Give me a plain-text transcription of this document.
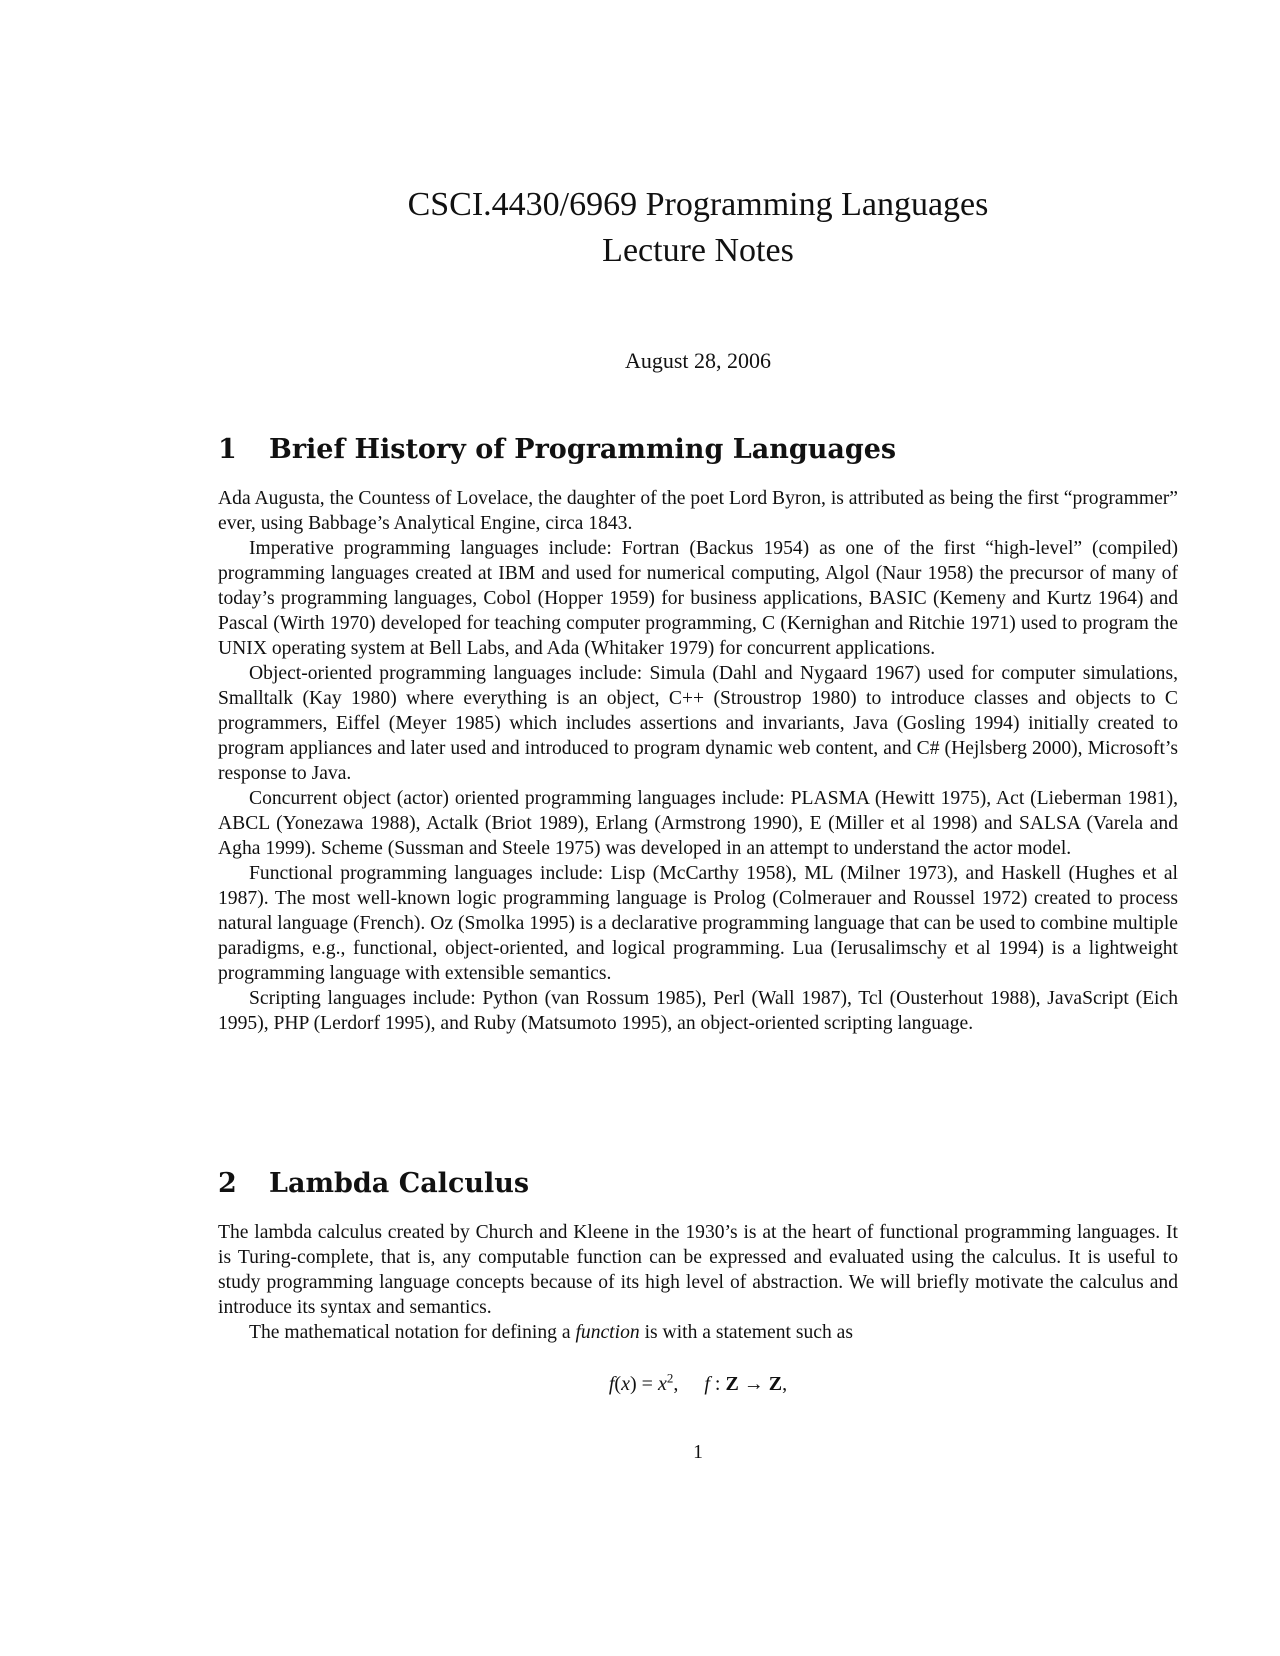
CSCI.4430/6969 Programming Languages
Lecture Notes
August 28, 2006
1	Brief History of Programming Languages

Ada Augusta, the Countess of Lovelace, the daughter of the poet Lord Byron, is attributed as being the first “programmer” ever, using Babbage’s Analytical Engine, circa 1843.

Imperative programming languages include: Fortran (Backus 1954) as one of the first “high-level” (compiled) programming languages created at IBM and used for numerical computing, Algol (Naur 1958) the precursor of many of today’s programming languages, Cobol (Hopper 1959) for business applications, BASIC (Kemeny and Kurtz 1964) and Pascal (Wirth 1970) developed for teaching computer programming, C (Kernighan and Ritchie 1971) used to program the UNIX operating system at Bell Labs, and Ada (Whitaker 1979) for concurrent applications.

Object-oriented programming languages include: Simula (Dahl and Nygaard 1967) used for computer simulations, Smalltalk (Kay 1980) where everything is an object, C++ (Stroustrop 1980) to introduce classes and objects to C programmers, Eiffel (Meyer 1985) which includes assertions and invariants, Java (Gosling 1994) initially created to program appliances and later used and introduced to program dynamic web content, and C# (Hejlsberg 2000), Microsoft’s response to Java.

Concurrent object (actor) oriented programming languages include: PLASMA (Hewitt 1975), Act (Lieberman 1981), ABCL (Yonezawa 1988), Actalk (Briot 1989), Erlang (Armstrong 1990), E (Miller et al 1998) and SALSA (Varela and Agha 1999). Scheme (Sussman and Steele 1975) was developed in an attempt to understand the actor model.

Functional programming languages include: Lisp (McCarthy 1958), ML (Milner 1973), and Haskell (Hughes et al 1987). The most well-known logic programming language is Prolog (Colmerauer and Roussel 1972) created to process natural language (French). Oz (Smolka 1995) is a declarative programming language that can be used to combine multiple paradigms, e.g., functional, object-oriented, and logical programming. Lua (Ierusalimschy et al 1994) is a lightweight programming language with extensible semantics.

Scripting languages include: Python (van Rossum 1985), Perl (Wall 1987), Tcl (Ousterhout 1988), JavaScript (Eich 1995), PHP (Lerdorf 1995), and Ruby (Matsumoto 1995), an object-oriented scripting language.

2	Lambda Calculus

The lambda calculus created by Church and Kleene in the 1930’s is at the heart of functional programming languages. It is Turing-complete, that is, any computable function can be expressed and evaluated using the calculus. It is useful to study programming language concepts because of its high level of abstraction. We will briefly motivate the calculus and introduce its syntax and semantics.

The mathematical notation for defining a function is with a statement such as

$f(x) = x^2$, f : Z → Z,
1
